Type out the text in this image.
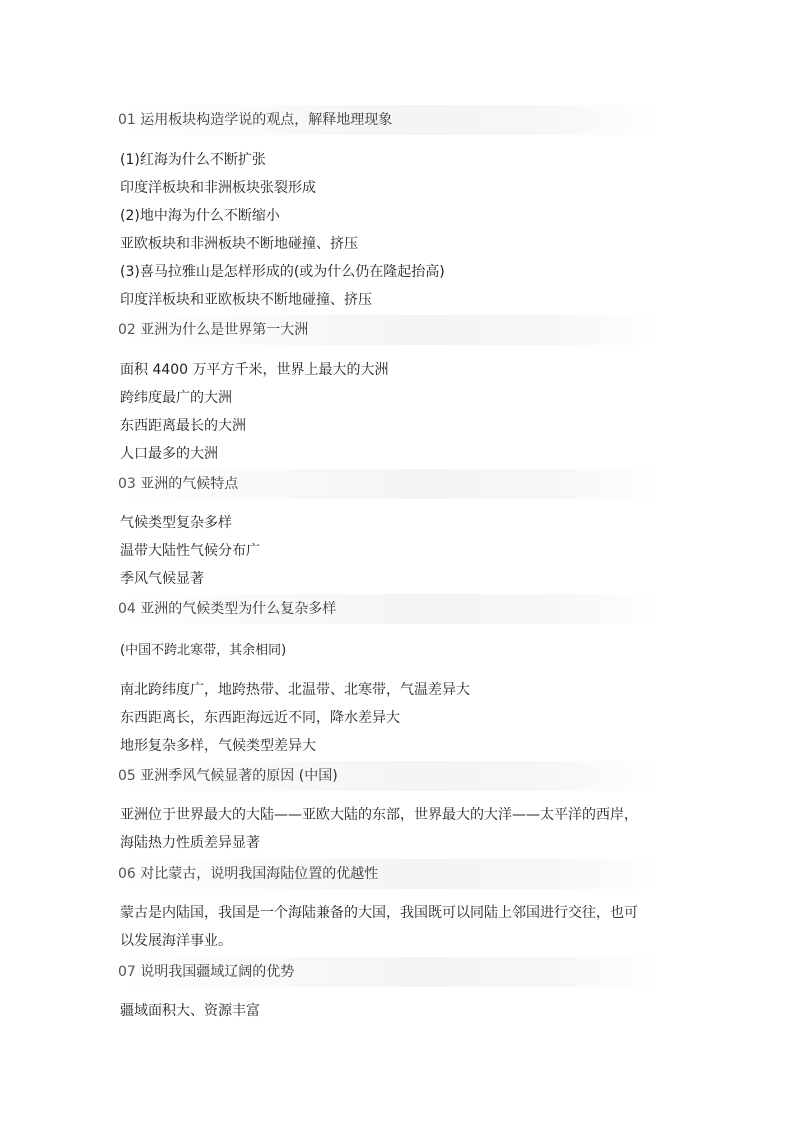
01 运用板块构造学说的观点，解释地理现象
(1)红海为什么不断扩张
印度洋板块和非洲板块张裂形成
(2)地中海为什么不断缩小
亚欧板块和非洲板块不断地碰撞、挤压
(3)喜马拉雅山是怎样形成的(或为什么仍在隆起抬高)
印度洋板块和亚欧板块不断地碰撞、挤压
02 亚洲为什么是世界第一大洲
面积 4400 万平方千米，世界上最大的大洲
跨纬度最广的大洲
东西距离最长的大洲
人口最多的大洲
03 亚洲的气候特点
气候类型复杂多样
温带大陆性气候分布广
季风气候显著
04 亚洲的气候类型为什么复杂多样
(中国不跨北寒带，其余相同)
南北跨纬度广，地跨热带、北温带、北寒带，气温差异大
东西距离长，东西距海远近不同，降水差异大
地形复杂多样，气候类型差异大
05 亚洲季风气候显著的原因 (中国)
亚洲位于世界最大的大陆——亚欧大陆的东部，世界最大的大洋——太平洋的西岸，
海陆热力性质差异显著
06 对比蒙古，说明我国海陆位置的优越性
蒙古是内陆国，我国是一个海陆兼备的大国，我国既可以同陆上邻国进行交往，也可
以发展海洋事业。
07 说明我国疆域辽阔的优势
疆域面积大、资源丰富
